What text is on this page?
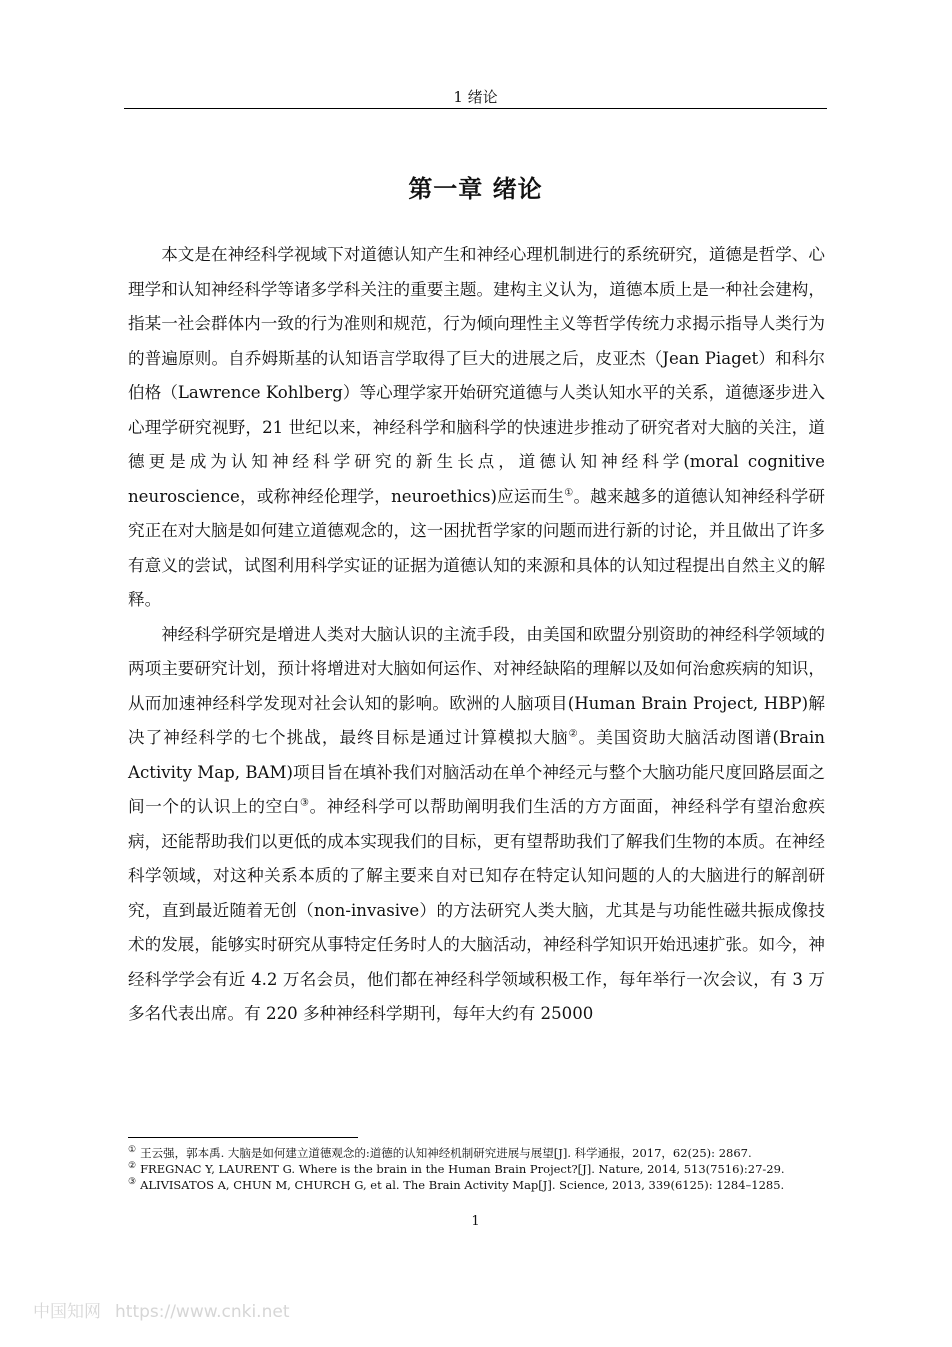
1 绪论
第一章 绪论

本文是在神经科学视域下对道德认知产生和神经心理机制进行的系统研究，道德是哲学、心理学和认知神经科学等诸多学科关注的重要主题。建构主义认为，道德本质上是一种社会建构，指某一社会群体内一致的行为准则和规范，行为倾向理性主义等哲学传统力求揭示指导人类行为的普遍原则。自乔姆斯基的认知语言学取得了巨大的进展之后，皮亚杰（Jean Piaget）和科尔伯格（Lawrence Kohlberg）等心理学家开始研究道德与人类认知水平的关系，道德逐步进入心理学研究视野，21 世纪以来，神经科学和脑科学的快速进步推动了研究者对大脑的关注，道德更是成为认知神经科学研究的新生长点，道德认知神经科学(moral cognitive neuroscience，或称神经伦理学，neuroethics)应运而生①。越来越多的道德认知神经科学研究正在对大脑是如何建立道德观念的，这一困扰哲学家的问题而进行新的讨论，并且做出了许多有意义的尝试，试图利用科学实证的证据为道德认知的来源和具体的认知过程提出自然主义的解释。

神经科学研究是增进人类对大脑认识的主流手段，由美国和欧盟分别资助的神经科学领域的两项主要研究计划，预计将增进对大脑如何运作、对神经缺陷的理解以及如何治愈疾病的知识，从而加速神经科学发现对社会认知的影响。欧洲的人脑项目(Human Brain Project, HBP)解决了神经科学的七个挑战，最终目标是通过计算模拟大脑②。美国资助大脑活动图谱(Brain Activity Map, BAM)项目旨在填补我们对脑活动在单个神经元与整个大脑功能尺度回路层面之间一个的认识上的空白③。神经科学可以帮助阐明我们生活的方方面面，神经科学有望治愈疾病，还能帮助我们以更低的成本实现我们的目标，更有望帮助我们了解我们生物的本质。在神经科学领域，对这种关系本质的了解主要来自对已知存在特定认知问题的人的大脑进行的解剖研究，直到最近随着无创（non-invasive）的方法研究人类大脑，尤其是与功能性磁共振成像技术的发展，能够实时研究从事特定任务时人的大脑活动，神经科学知识开始迅速扩张。如今，神经科学学会有近 4.2 万名会员，他们都在神经科学领域积极工作，每年举行一次会议，有 3 万多名代表出席。有 220 多种神经科学期刊，每年大约有 25000

① 王云强，郭本禹. 大脑是如何建立道德观念的:道德的认知神经机制研究进展与展望[J]. 科学通报，2017，62(25): 2867.

② FREGNAC Y, LAURENT G. Where is the brain in the Human Brain Project?[J]. Nature, 2014, 513(7516):27-29.

③ ALIVISATOS A, CHUN M, CHURCH G, et al. The Brain Activity Map[J]. Science, 2013, 339(6125): 1284–1285.

1
中国知网 https://www.cnki.net
